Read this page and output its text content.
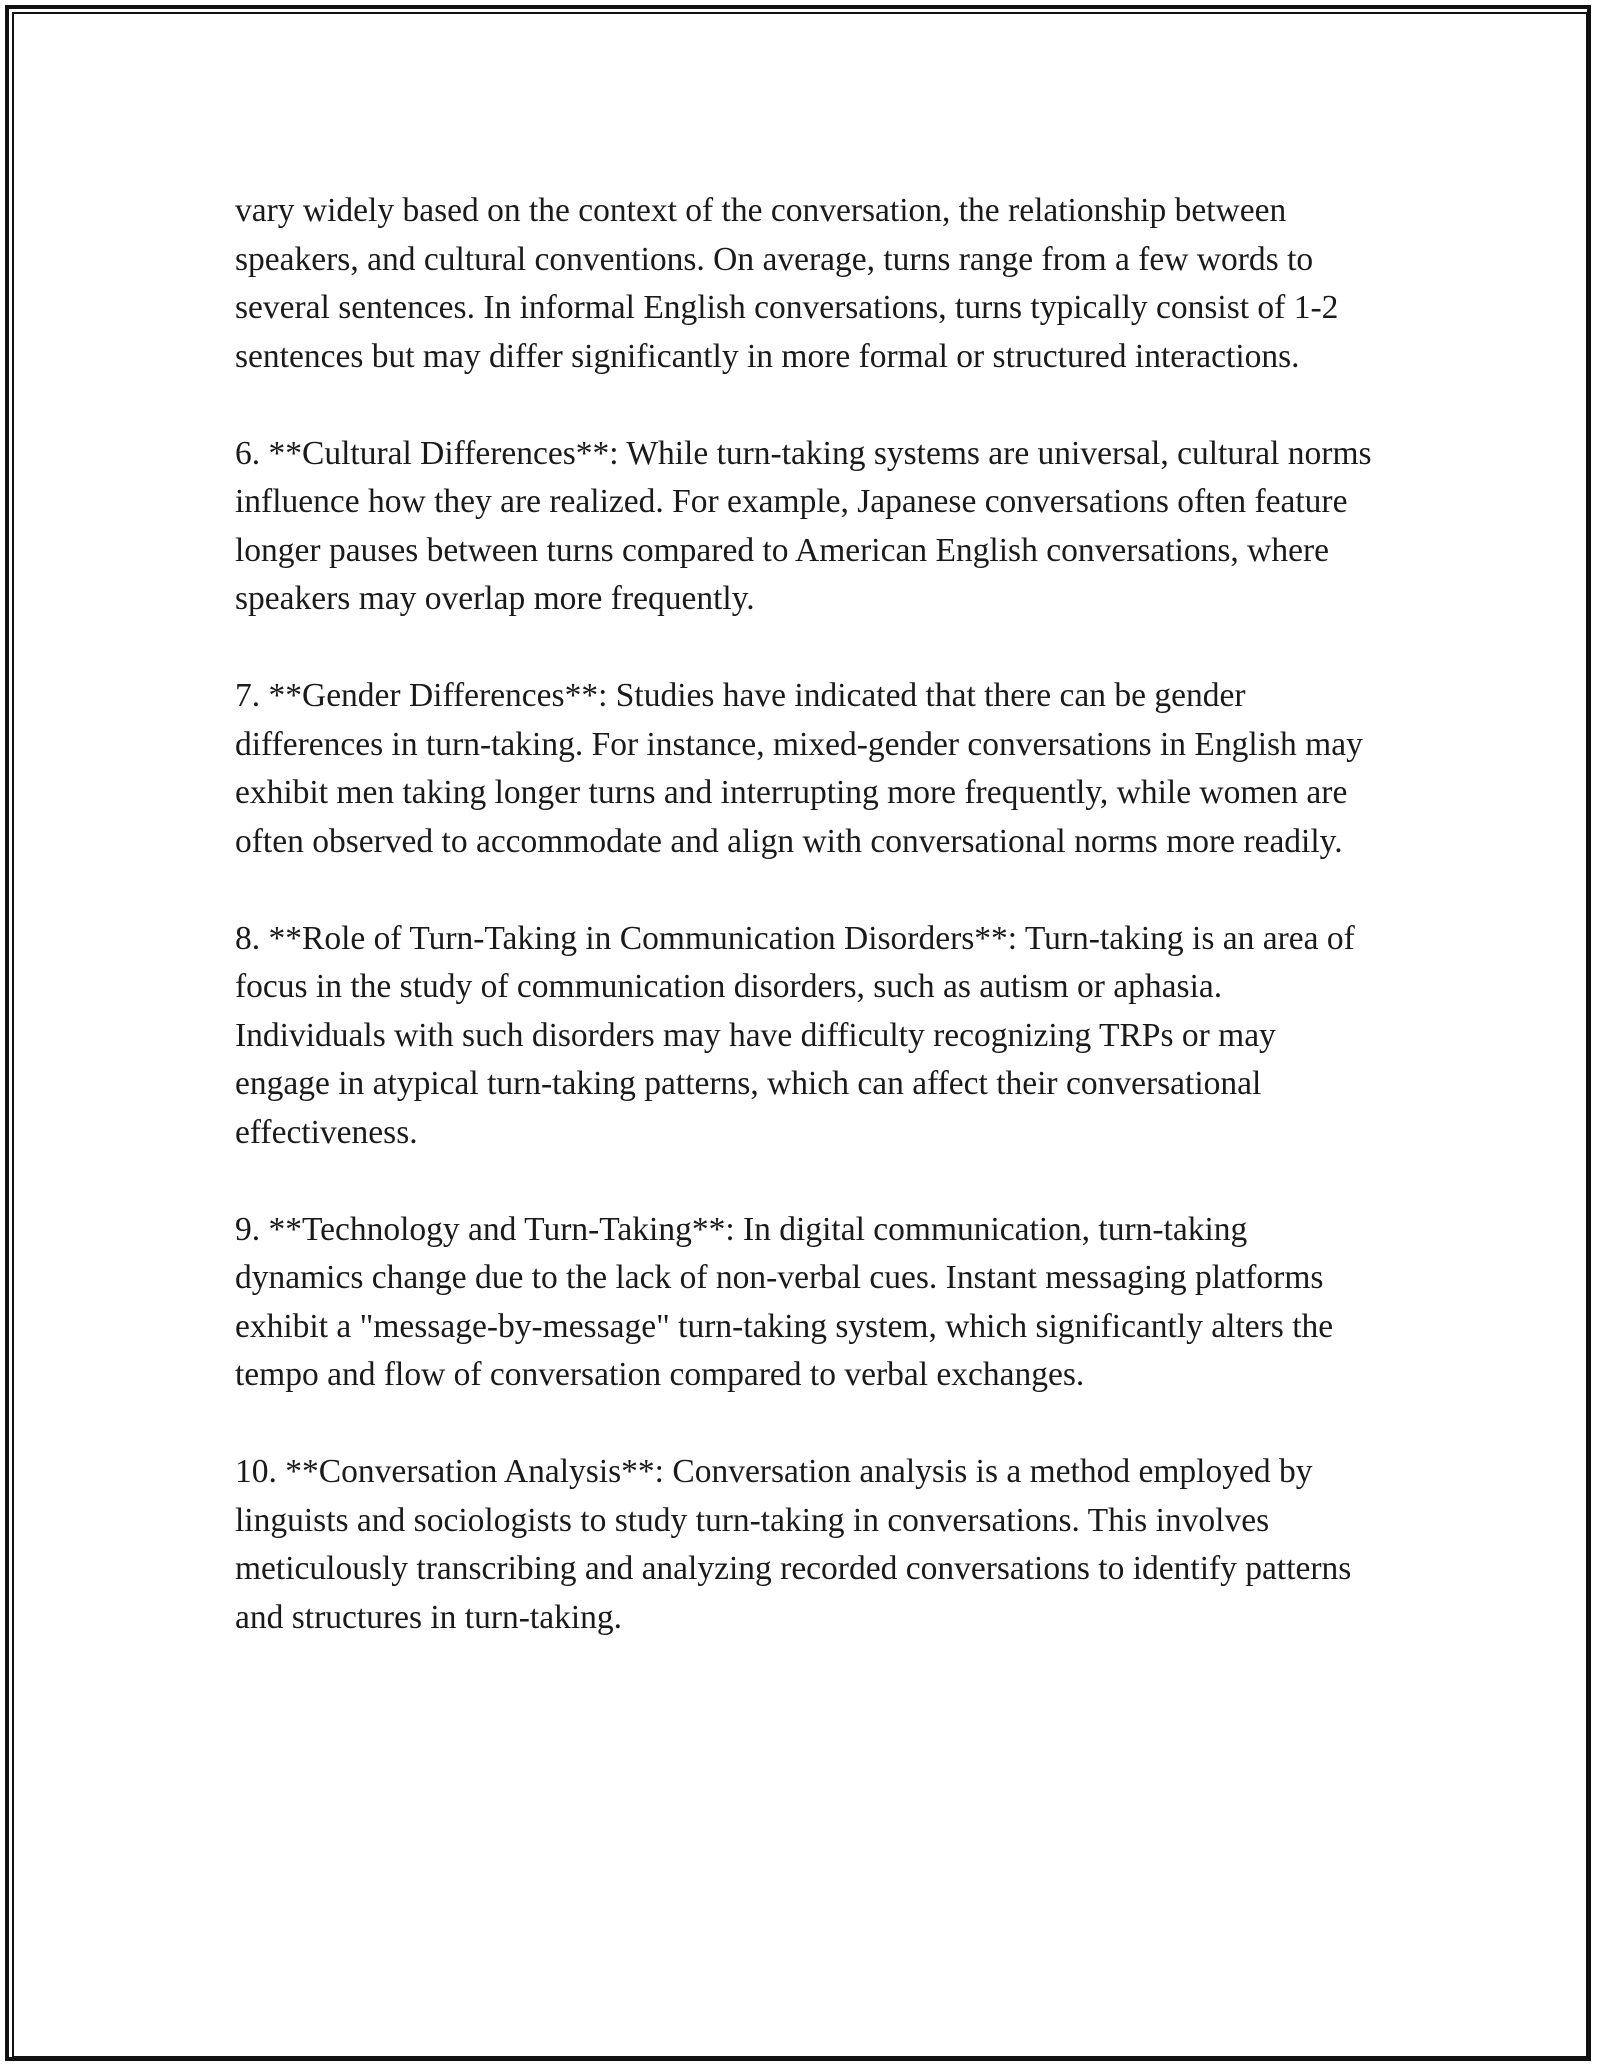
vary widely based on the context of the conversation, the relationship between speakers, and cultural conventions. On average, turns range from a few words to several sentences. In informal English conversations, turns typically consist of 1-2 sentences but may differ significantly in more formal or structured interactions.

6. **Cultural Differences**: While turn-taking systems are universal, cultural norms influence how they are realized. For example, Japanese conversations often feature longer pauses between turns compared to American English conversations, where speakers may overlap more frequently.

7. **Gender Differences**: Studies have indicated that there can be gender differences in turn-taking. For instance, mixed-gender conversations in English may exhibit men taking longer turns and interrupting more frequently, while women are often observed to accommodate and align with conversational norms more readily.

8. **Role of Turn-Taking in Communication Disorders**: Turn-taking is an area of focus in the study of communication disorders, such as autism or aphasia. Individuals with such disorders may have difficulty recognizing TRPs or may engage in atypical turn-taking patterns, which can affect their conversational effectiveness.

9. **Technology and Turn-Taking**: In digital communication, turn-taking dynamics change due to the lack of non-verbal cues. Instant messaging platforms exhibit a "message-by-message" turn-taking system, which significantly alters the tempo and flow of conversation compared to verbal exchanges.

10. **Conversation Analysis**: Conversation analysis is a method employed by linguists and sociologists to study turn-taking in conversations. This involves meticulously transcribing and analyzing recorded conversations to identify patterns and structures in turn-taking.
